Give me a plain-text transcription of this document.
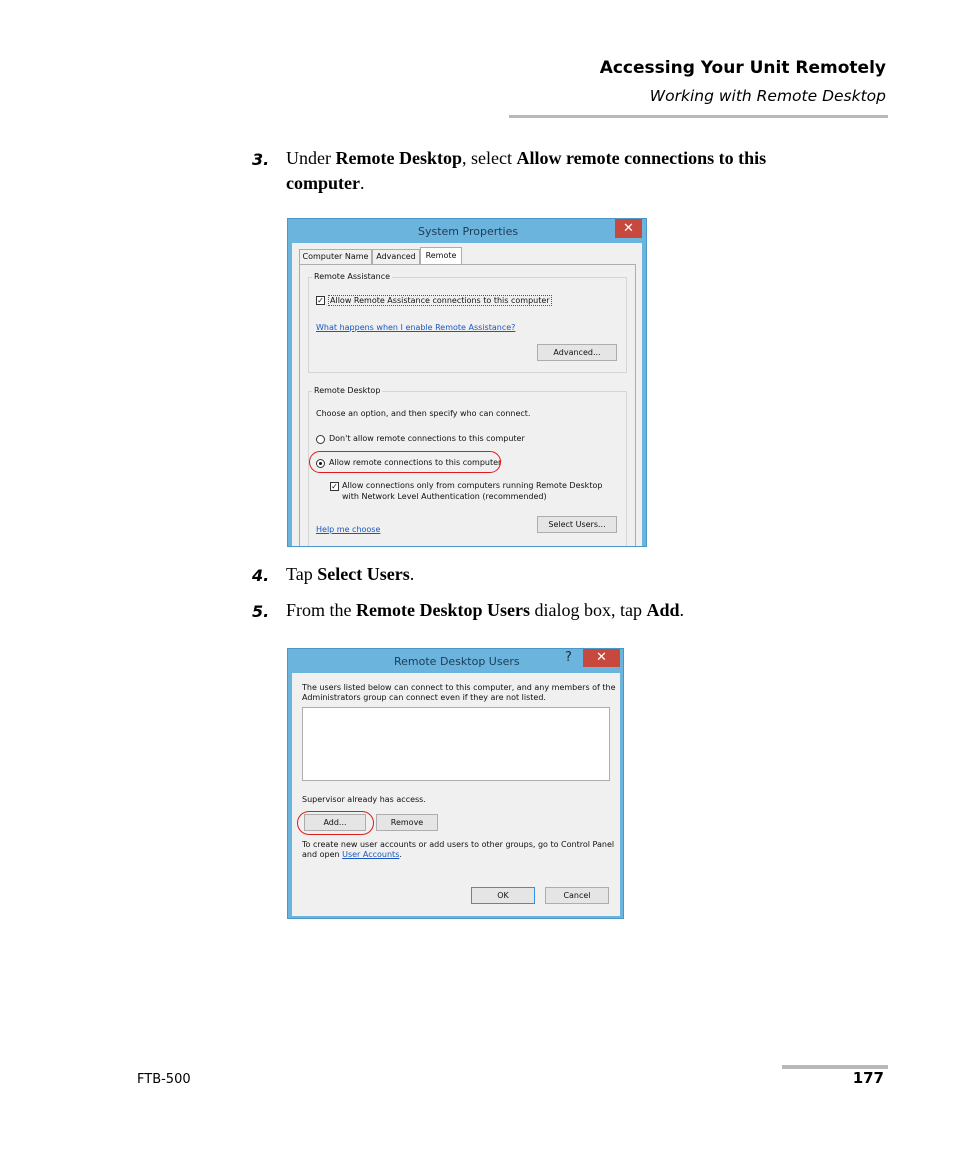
Accessing Your Unit Remotely
Working with Remote Desktop
3. Under Remote Desktop, select Allow remote connections to this
computer.
System Properties	✕
Computer Name Advanced	Remote
Remote Assistance
✓ Allow Remote Assistance connections to this computer
What happens when I enable Remote Assistance?
Advanced...
Remote Desktop
Choose an option, and then specify who can connect.
Don't allow remote connections to this computer
Allow remote connections to this computer
✓ Allow connections only from computers running Remote Desktop
with Network Level Authentication (recommended)
Help me choose
Select Users...
4. Tap Select Users.
5. From the Remote Desktop Users dialog box, tap Add.
Remote Desktop Users	?	✕
The users listed below can connect to this computer, and any members of the
Administrators group can connect even if they are not listed.
Supervisor already has access.
Add...	Remove
To create new user accounts or add users to other groups, go to Control Panel
and open User Accounts.
OK	Cancel
FTB-500	177
